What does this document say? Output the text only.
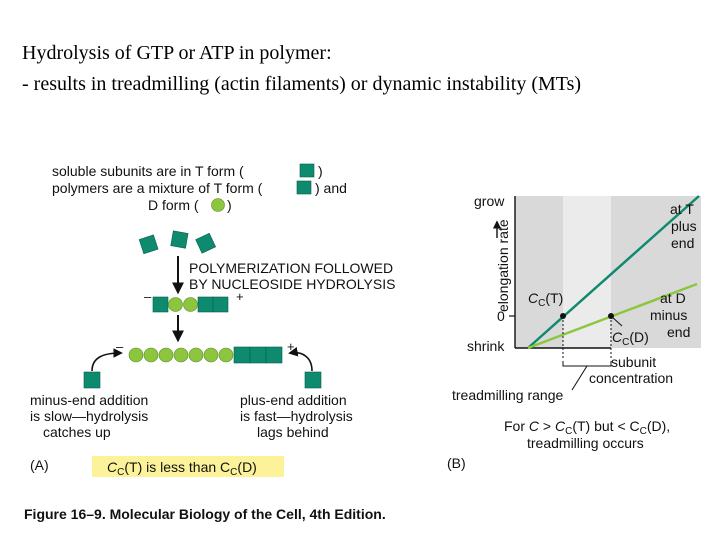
Hydrolysis of GTP or ATP in polymer:
- results in treadmilling (actin filaments) or dynamic instability (MTs)
soluble subunits are in T form (	)
polymers are a mixture of T form (	) and
D form ( )
POLYMERIZATION FOLLOWED
BY NUCLEOSIDE HYDROLYSIS
–	+
–	+
minus-end addition
is slow—hydrolysis
catches up
plus-end addition
is fast—hydrolysis
lags behind
(A)	$C_C(T)$ is less than $C_C(D)$
grow
shrink
0
elongation rate $C_C(T)$
$C_C(D)$
at T
plus
end
at D
minus
end
subunit
concentration
treadmilling range
For $C > C_C(T)$ but < $C_C(D)$,
treadmilling occurs
(B)
Figure 16–9. Molecular Biology of the Cell, 4th Edition.
